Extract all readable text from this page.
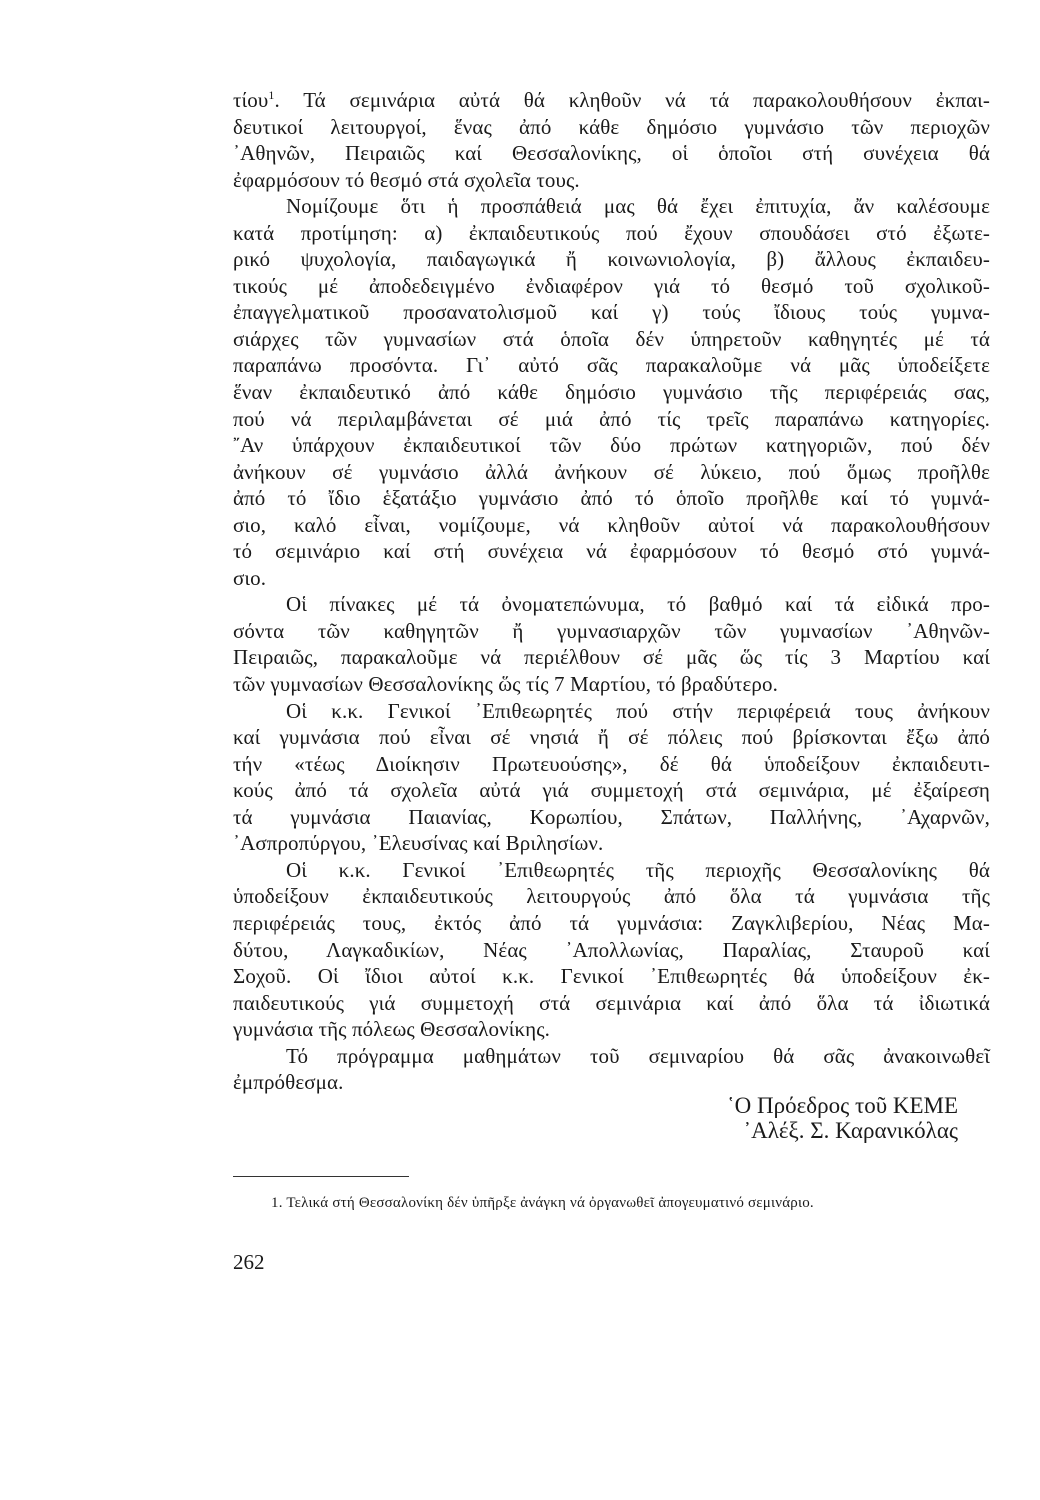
τίου$^1$. Τά σεμινάρια αὐτά θά κληθοῦν νά τά παρακολουθήσουν ἐκπαι-
δευτικοί λειτουργοί, ἕνας ἀπό κάθε δημόσιο γυμνάσιο τῶν περιοχῶν
᾿Αθηνῶν, Πειραιῶς καί Θεσσαλονίκης, οἱ ὁποῖοι στή συνέχεια θά
ἐφαρμόσουν τό θεσμό στά σχολεῖα τους.
Νομίζουμε ὅτι ἡ προσπάθειά μας θά ἔχει ἐπιτυχία, ἄν καλέσουμε
κατά προτίμηση: α) ἐκπαιδευτικούς πού ἔχουν σπουδάσει στό ἐξωτε-
ρικό ψυχολογία, παιδαγωγικά ἤ κοινωνιολογία, β) ἄλλους ἐκπαιδευ-
τικούς μέ ἀποδεδειγμένο ἐνδιαφέρον γιά τό θεσμό τοῦ σχολικοῦ-
ἐπαγγελματικοῦ προσανατολισμοῦ καί γ) τούς ἴδιους τούς γυμνα-
σιάρχες τῶν γυμνασίων στά ὁποῖα δέν ὑπηρετοῦν καθηγητές μέ τά
παραπάνω προσόντα. Γι᾿ αὐτό σᾶς παρακαλοῦμε νά μᾶς ὑποδείξετε
ἕναν ἐκπαιδευτικό ἀπό κάθε δημόσιο γυμνάσιο τῆς περιφέρειάς σας,
πού νά περιλαμβάνεται σέ μιά ἀπό τίς τρεῖς παραπάνω κατηγορίες.
῎Αν ὑπάρχουν ἐκπαιδευτικοί τῶν δύο πρώτων κατηγοριῶν, πού δέν
ἀνήκουν σέ γυμνάσιο ἀλλά ἀνήκουν σέ λύκειο, πού ὅμως προῆλθε
ἀπό τό ἴδιο ἑξατάξιο γυμνάσιο ἀπό τό ὁποῖο προῆλθε καί τό γυμνά-
σιο, καλό εἶναι, νομίζουμε, νά κληθοῦν αὐτοί νά παρακολουθήσουν
τό σεμινάριο καί στή συνέχεια νά ἐφαρμόσουν τό θεσμό στό γυμνά-
σιο.
Οἱ πίνακες μέ τά ὀνοματεπώνυμα, τό βαθμό καί τά εἰδικά προ-
σόντα τῶν καθηγητῶν ἤ γυμνασιαρχῶν τῶν γυμνασίων ᾿Αθηνῶν-
Πειραιῶς, παρακαλοῦμε νά περιέλθουν σέ μᾶς ὥς τίς 3 Μαρτίου καί
τῶν γυμνασίων Θεσσαλονίκης ὥς τίς 7 Μαρτίου, τό βραδύτερο.
Οἱ κ.κ. Γενικοί ᾿Επιθεωρητές πού στήν περιφέρειά τους ἀνήκουν
καί γυμνάσια πού εἶναι σέ νησιά ἤ σέ πόλεις πού βρίσκονται ἔξω ἀπό
τήν «τέως Διοίκησιν Πρωτευούσης», δέ θά ὑποδείξουν ἐκπαιδευτι-
κούς ἀπό τά σχολεῖα αὐτά γιά συμμετοχή στά σεμινάρια, μέ ἐξαίρεση
τά γυμνάσια Παιανίας, Κορωπίου, Σπάτων, Παλλήνης, ᾿Αχαρνῶν,
᾿Ασπροπύργου, ᾿Ελευσίνας καί Βριλησίων.
Οἱ κ.κ. Γενικοί ᾿Επιθεωρητές τῆς περιοχῆς Θεσσαλονίκης θά
ὑποδείξουν ἐκπαιδευτικούς λειτουργούς ἀπό ὅλα τά γυμνάσια τῆς
περιφέρειάς τους, ἐκτός ἀπό τά γυμνάσια: Ζαγκλιβερίου, Νέας Μα-
δύτου, Λαγκαδικίων, Νέας ᾿Απολλωνίας, Παραλίας, Σταυροῦ καί
Σοχοῦ. Οἱ ἴδιοι αὐτοί κ.κ. Γενικοί ᾿Επιθεωρητές θά ὑποδείξουν ἐκ-
παιδευτικούς γιά συμμετοχή στά σεμινάρια καί ἀπό ὅλα τά ἰδιωτικά
γυμνάσια τῆς πόλεως Θεσσαλονίκης.
Τό πρόγραμμα μαθημάτων τοῦ σεμιναρίου θά σᾶς ἀνακοινωθεῖ
ἐμπρόθεσμα.
῾Ο Πρόεδρος τοῦ ΚΕΜΕ
᾿Αλέξ. Σ. Καρανικόλας
1. Τελικά στή Θεσσαλονίκη δέν ὑπῆρξε ἀνάγκη νά ὀργανωθεῖ ἀπογευματινό σεμινάριο.
262
